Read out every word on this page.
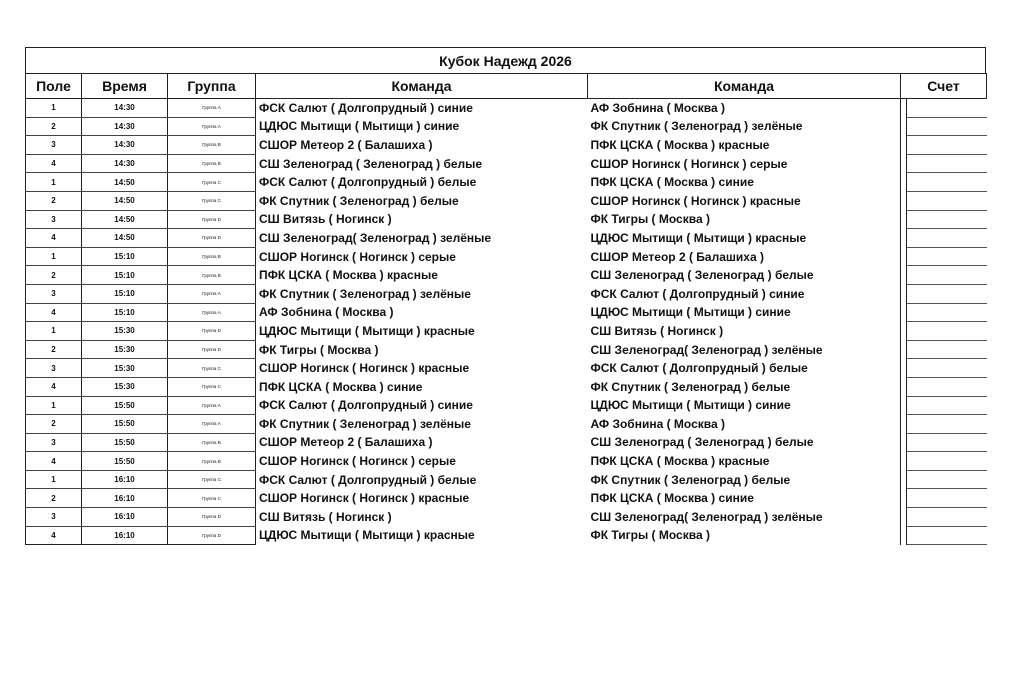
Кубок Надежд 2026
Поле	Время	Группа	Команда	Команда	Счет	
1	14:30	Группа А	ФСК Салют ( Долгопрудный ) синие	АФ Зобнина ( Москва )		
2	14:30	Группа А	ЦДЮС Мытищи ( Мытищи ) синие	ФК Спутник ( Зеленоград ) зелёные		
3	14:30	Группа B	СШОР Метеор 2 ( Балашиха )	ПФК ЦСКА ( Москва ) красные		
4	14:30	Группа B	СШ Зеленоград ( Зеленоград ) белые	СШОР Ногинск ( Ногинск ) серые		
1	14:50	Группа C	ФСК Салют ( Долгопрудный ) белые	ПФК ЦСКА ( Москва ) синие		
2	14:50	Группа C	ФК Спутник ( Зеленоград ) белые	СШОР Ногинск ( Ногинск ) красные		
3	14:50	Группа D	СШ Витязь ( Ногинск )	ФК Тигры ( Москва )		
4	14:50	Группа D	СШ Зеленоград( Зеленоград ) зелёные	ЦДЮС Мытищи ( Мытищи ) красные		
1	15:10	Группа B	СШОР Ногинск ( Ногинск ) серые	СШОР Метеор 2 ( Балашиха )		
2	15:10	Группа B	ПФК ЦСКА ( Москва ) красные	СШ Зеленоград ( Зеленоград ) белые		
3	15:10	Группа А	ФК Спутник ( Зеленоград ) зелёные	ФСК Салют ( Долгопрудный ) синие		
4	15:10	Группа А	АФ Зобнина ( Москва )	ЦДЮС Мытищи ( Мытищи ) синие		
1	15:30	Группа D	ЦДЮС Мытищи ( Мытищи ) красные	СШ Витязь ( Ногинск )		
2	15:30	Группа D	ФК Тигры ( Москва )	СШ Зеленоград( Зеленоград ) зелёные		
3	15:30	Группа C	СШОР Ногинск ( Ногинск ) красные	ФСК Салют ( Долгопрудный ) белые		
4	15:30	Группа C	ПФК ЦСКА ( Москва ) синие	ФК Спутник ( Зеленоград ) белые		
1	15:50	Группа А	ФСК Салют ( Долгопрудный ) синие	ЦДЮС Мытищи ( Мытищи ) синие		
2	15:50	Группа А	ФК Спутник ( Зеленоград ) зелёные	АФ Зобнина ( Москва )		
3	15:50	Группа B	СШОР Метеор 2 ( Балашиха )	СШ Зеленоград ( Зеленоград ) белые		
4	15:50	Группа B	СШОР Ногинск ( Ногинск ) серые	ПФК ЦСКА ( Москва ) красные		
1	16:10	Группа C	ФСК Салют ( Долгопрудный ) белые	ФК Спутник ( Зеленоград ) белые		
2	16:10	Группа C	СШОР Ногинск ( Ногинск ) красные	ПФК ЦСКА ( Москва ) синие		
3	16:10	Группа D	СШ Витязь ( Ногинск )	СШ Зеленоград( Зеленоград ) зелёные		
4	16:10	Группа D	ЦДЮС Мытищи ( Мытищи ) красные	ФК Тигры ( Москва )		
